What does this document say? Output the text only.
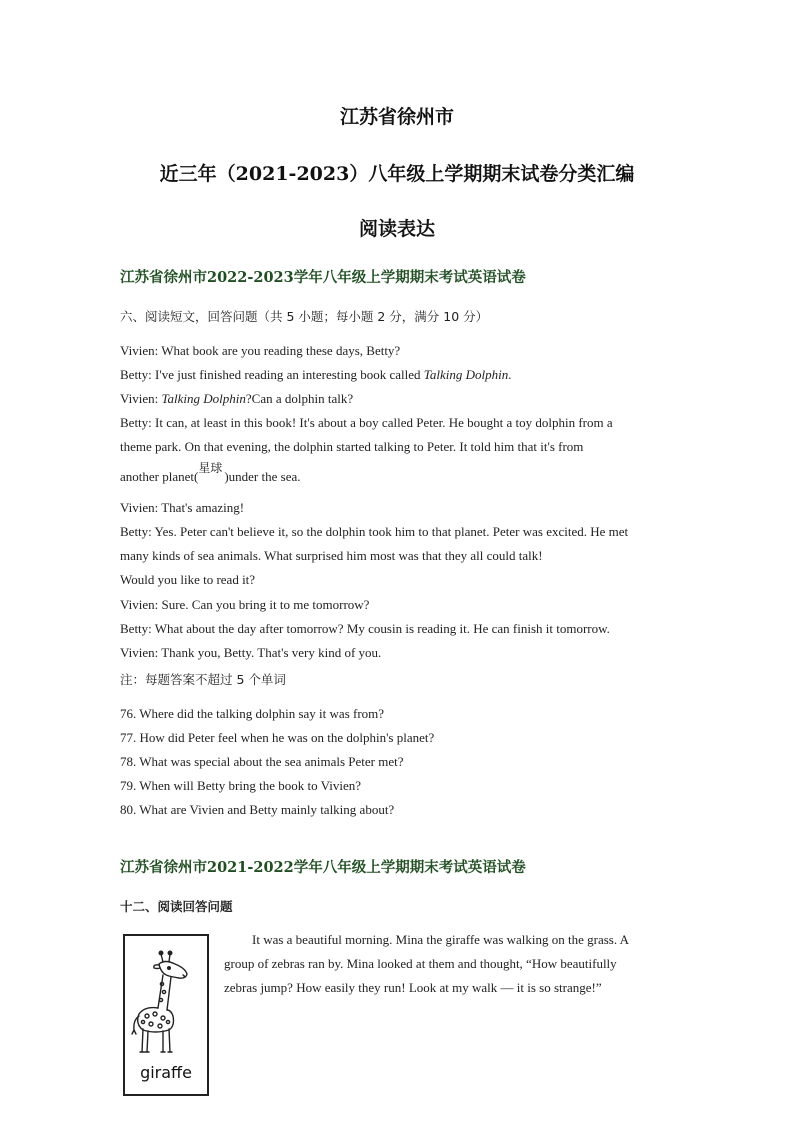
江苏省徐州市
近三年（2021-2023）八年级上学期期末试卷分类汇编
阅读表达
江苏省徐州市2022-2023学年八年级上学期期末考试英语试卷
六、阅读短文，回答问题（共 5 小题；每小题 2 分，满分 10 分）
Vivien: What book are you reading these days, Betty?
Betty: I've just finished reading an interesting book called Talking Dolphin.
Vivien: Talking Dolphin?Can a dolphin talk?
Betty: It can, at least in this book! It's about a boy called Peter. He bought a toy dolphin from a
theme park. On that evening, the dolphin started talking to Peter. It told him that it's from
another planet(
星球
  )under the sea.
Vivien: That's amazing!
Betty: Yes. Peter can't believe it, so the dolphin took him to that planet. Peter was excited. He met
many kinds of sea animals. What surprised him most was that they all could talk!
Would you like to read it?
Vivien: Sure. Can you bring it to me tomorrow?
Betty: What about the day after tomorrow? My cousin is reading it. He can finish it tomorrow.
Vivien: Thank you, Betty. That's very kind of you.
注：每题答案不超过 5 个单词
76. Where did the talking dolphin say it was from?
77. How did Peter feel when he was on the dolphin's planet?
78. What was special about the sea animals Peter met?
79. When will Betty bring the book to Vivien?
80. What are Vivien and Betty mainly talking about?
江苏省徐州市2021-2022学年八年级上学期期末考试英语试卷
十二、阅读回答问题
giraffe
It was a beautiful morning. Mina the giraffe was walking on the grass. A
group of zebras ran by. Mina looked at them and thought, “How beautifully
zebras jump? How easily they run! Look at my walk — it is so strange!”
